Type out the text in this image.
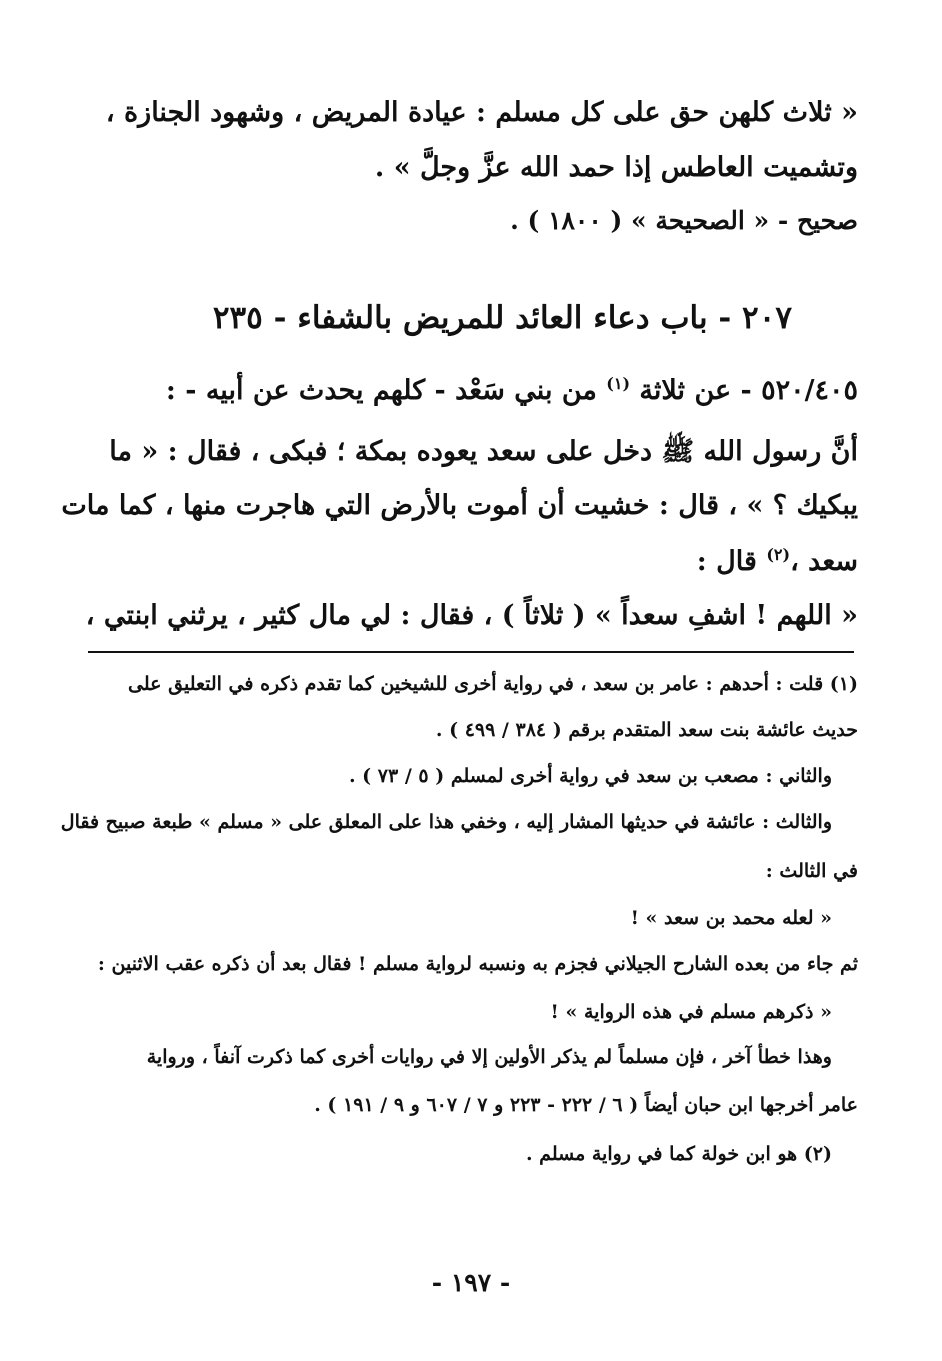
« ثلاث كلهن حق على كل مسلم : عيادة المريض ، وشهود الجنازة ،
وتشميت العاطس إذا حمد الله عزَّ وجلَّ » .
صحيح - « الصحيحة » ( ١٨٠٠ ) .
٢٠٧ - باب دعاء العائد للمريض بالشفاء - ٢٣٥
٥٢٠/٤٠٥ - عن ثلاثة $^{(١)}$ من بني سَعْد - كلهم يحدث عن أبيه - :
أنَّ رسول الله ﷺ دخل على سعد يعوده بمكة ؛ فبكى ، فقال : « ما
يبكيك ؟ » ، قال : خشيت أن أموت بالأرض التي هاجرت منها ، كما مات
سعد ،$^{(٢)}$ قال :
« اللهم ! اشفِ سعداً » ( ثلاثاً ) ، فقال : لي مال كثير ، يرثني ابنتي ،
(١) قلت : أحدهم : عامر بن سعد ، في رواية أخرى للشيخين كما تقدم ذكره في التعليق على
حديث عائشة بنت سعد المتقدم برقم ( ٣٨٤ / ٤٩٩ ) .
والثاني : مصعب بن سعد في رواية أخرى لمسلم ( ٥ / ٧٣ ) .
والثالث : عائشة في حديثها المشار إليه ، وخفي هذا على المعلق على « مسلم » طبعة صبيح فقال
في الثالث :
« لعله محمد بن سعد » !
ثم جاء من بعده الشارح الجيلاني فجزم به ونسبه لرواية مسلم ! فقال بعد أن ذكره عقب الاثنين :
« ذكرهم مسلم في هذه الرواية » !
وهذا خطأ آخر ، فإن مسلماً لم يذكر الأولين إلا في روايات أخرى كما ذكرت آنفاً ، ورواية
عامر أخرجها ابن حبان أيضاً ( ٦ / ٢٢٢ - ٢٢٣ و ٧ / ٦٠٧ و ٩ / ١٩١ ) .
(٢) هو ابن خولة كما في رواية مسلم .
- ١٩٧ -
